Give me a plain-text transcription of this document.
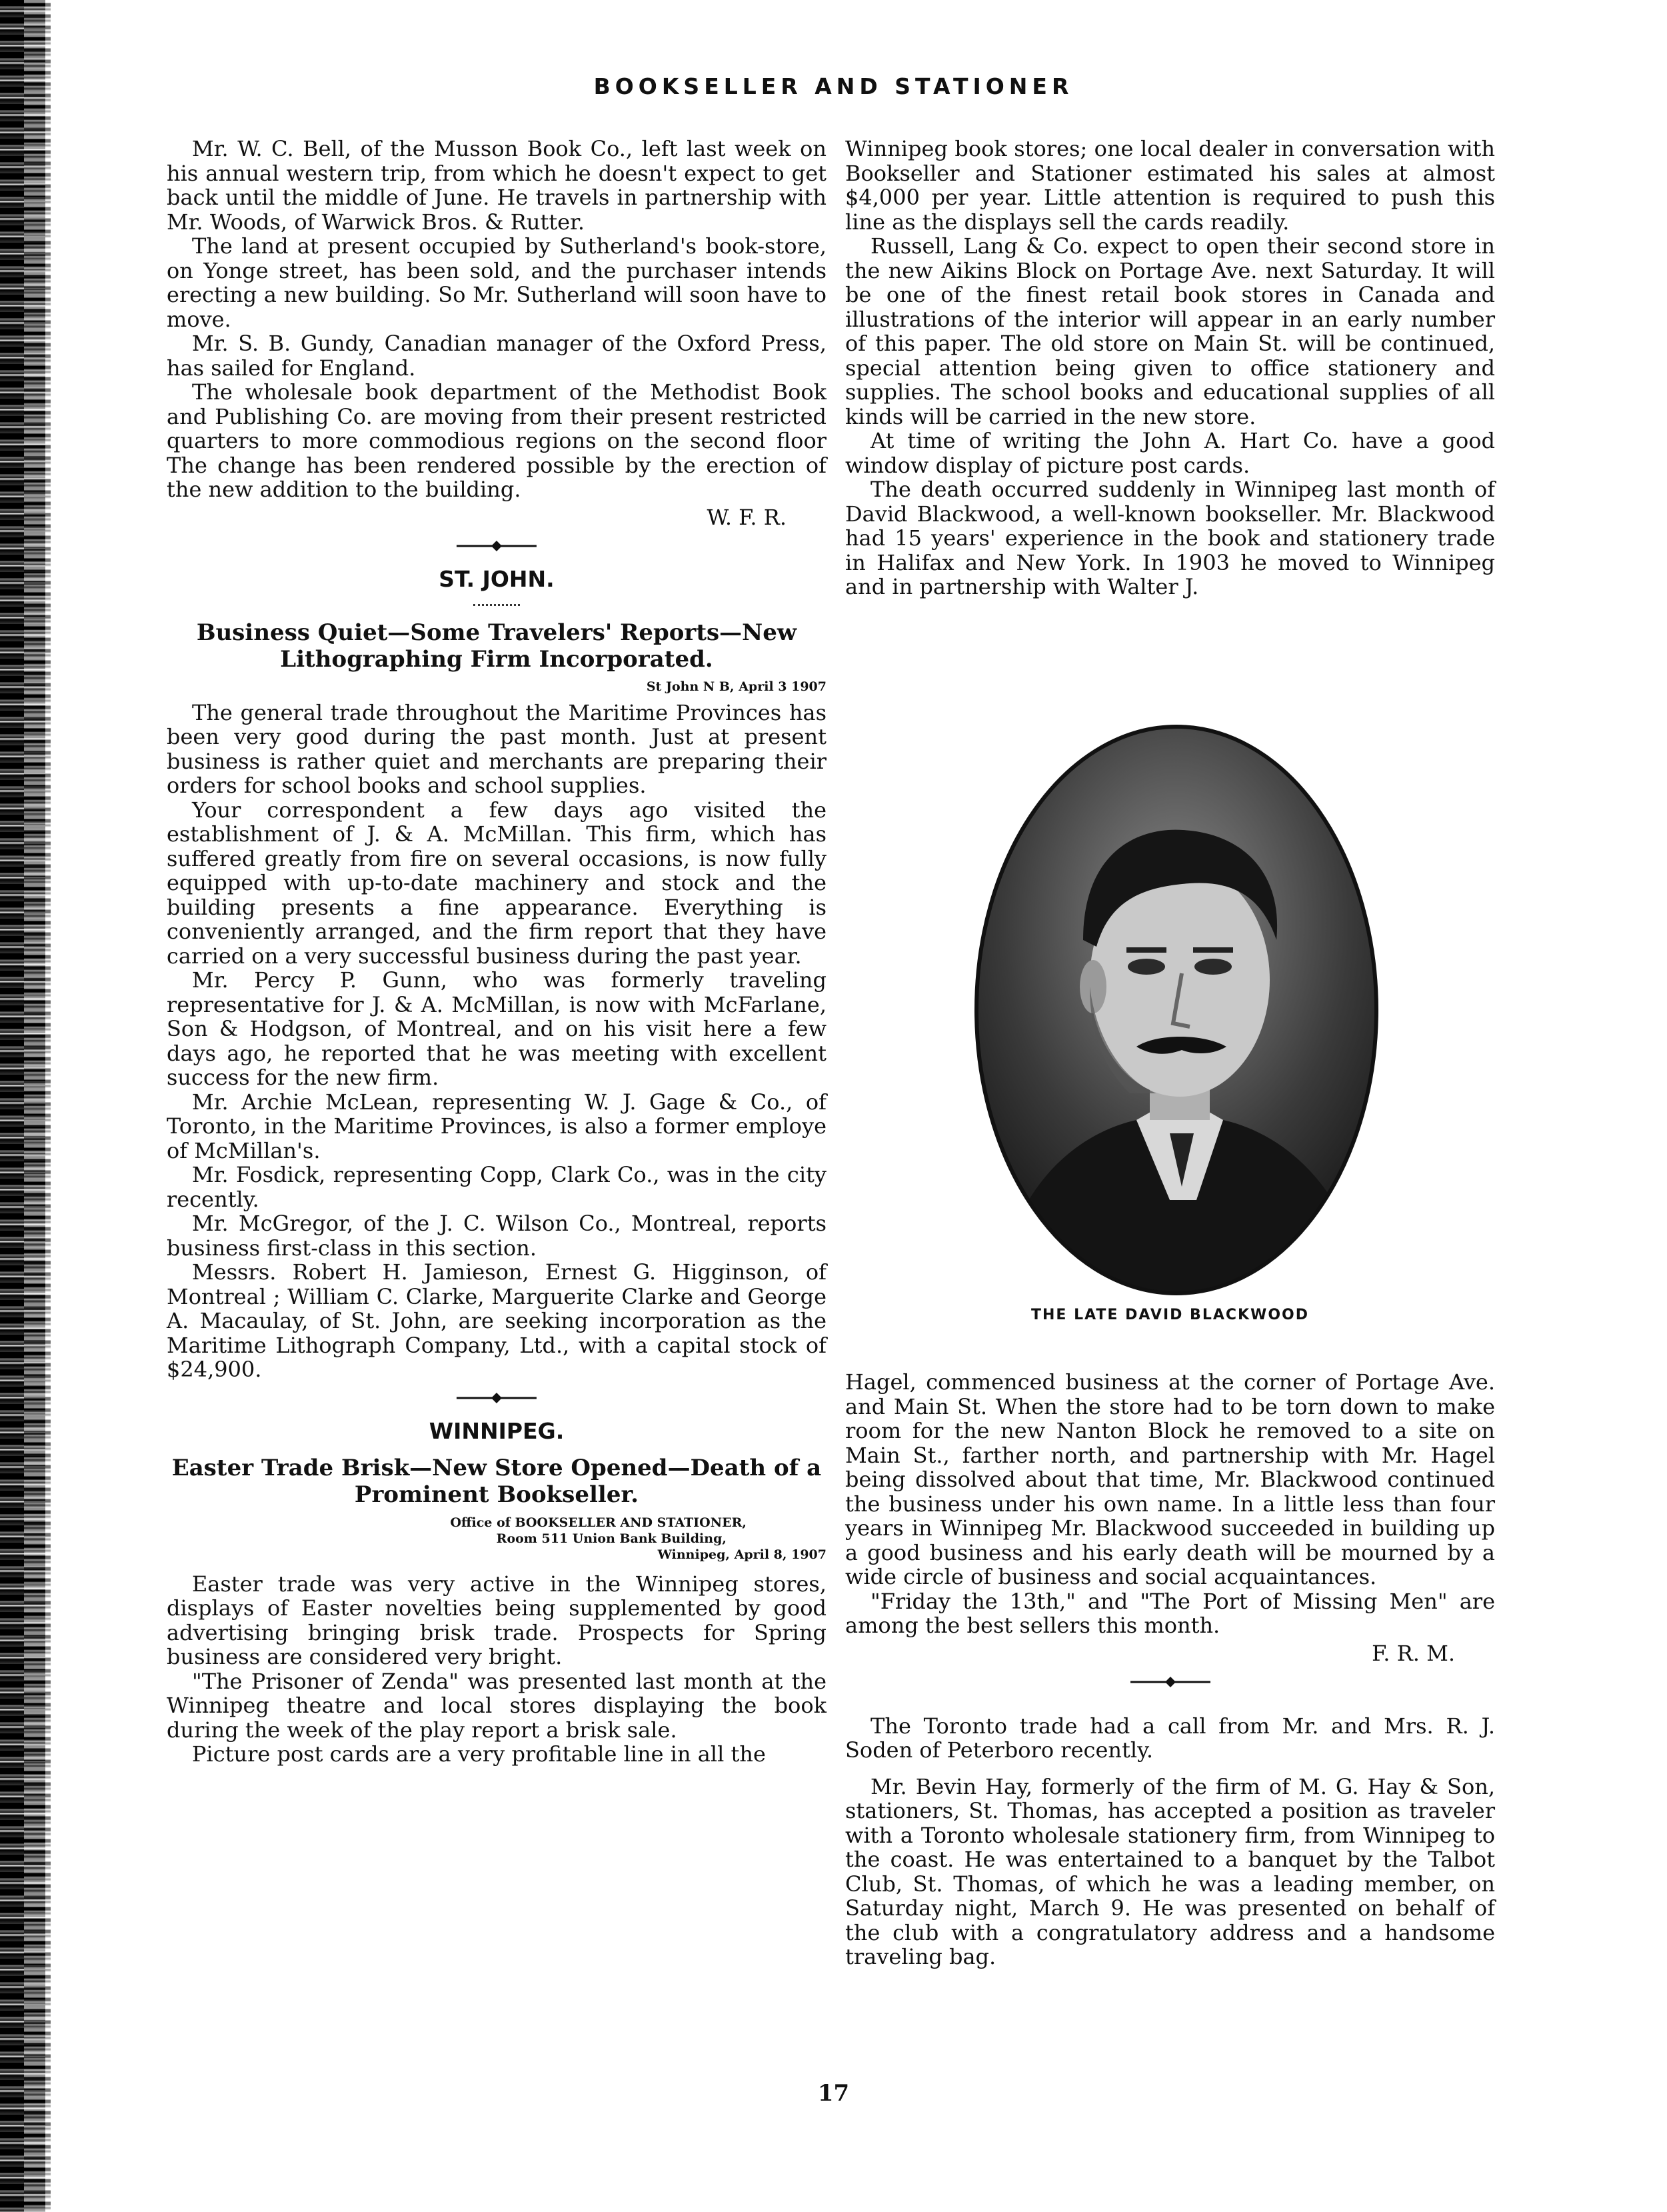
BOOKSELLER AND STATIONER

Mr. W. C. Bell, of the Musson Book Co., left last week on his annual western trip, from which he doesn't expect to get back until the middle of June. He travels in partnership with Mr. Woods, of Warwick Bros. & Rutter.

The land at present occupied by Sutherland's book-store, on Yonge street, has been sold, and the purchaser intends erecting a new building. So Mr. Sutherland will soon have to move.

Mr. S. B. Gundy, Canadian manager of the Oxford Press, has sailed for England.

The wholesale book department of the Methodist Book and Publishing Co. are moving from their present restricted quarters to more commodious regions on the second floor The change has been rendered possible by the erection of the new addition to the building.

W. F. R.
ST. JOHN.
Business Quiet—Some Travelers' Reports—New Lithographing Firm Incorporated.
St John N B, April 3 1907

The general trade throughout the Maritime Provinces has been very good during the past month. Just at present business is rather quiet and merchants are preparing their orders for school books and school supplies.

Your correspondent a few days ago visited the establishment of J. & A. McMillan. This firm, which has suffered greatly from fire on several occasions, is now fully equipped with up-to-date machinery and stock and the building presents a fine appearance. Everything is conveniently arranged, and the firm report that they have carried on a very successful business during the past year.

Mr. Percy P. Gunn, who was formerly traveling representative for J. & A. McMillan, is now with McFarlane, Son & Hodgson, of Montreal, and on his visit here a few days ago, he reported that he was meeting with excellent success for the new firm.

Mr. Archie McLean, representing W. J. Gage & Co., of Toronto, in the Maritime Provinces, is also a former employe of McMillan's.

Mr. Fosdick, representing Copp, Clark Co., was in the city recently.

Mr. McGregor, of the J. C. Wilson Co., Montreal, reports business first-class in this section.

Messrs. Robert H. Jamieson, Ernest G. Higginson, of Montreal ; William C. Clarke, Marguerite Clarke and George A. Macaulay, of St. John, are seeking incorporation as the Maritime Lithograph Company, Ltd., with a capital stock of $24,900.

WINNIPEG.
Easter Trade Brisk—New Store Opened—Death of a Prominent Bookseller.
Office of BOOKSELLER AND STATIONER,
Room 511 Union Bank Building,
Winnipeg, April 8, 1907

Easter trade was very active in the Winnipeg stores, displays of Easter novelties being supplemented by good advertising bringing brisk trade. Prospects for Spring business are considered very bright.

"The Prisoner of Zenda" was presented last month at the Winnipeg theatre and local stores displaying the book during the week of the play report a brisk sale.

Picture post cards are a very profitable line in all the

Winnipeg book stores; one local dealer in conversation with Bookseller and Stationer estimated his sales at almost $4,000 per year. Little attention is required to push this line as the displays sell the cards readily.

Russell, Lang & Co. expect to open their second store in the new Aikins Block on Portage Ave. next Saturday. It will be one of the finest retail book stores in Canada and illustrations of the interior will appear in an early number of this paper. The old store on Main St. will be continued, special attention being given to office stationery and supplies. The school books and educational supplies of all kinds will be carried in the new store.

At time of writing the John A. Hart Co. have a good window display of picture post cards.

The death occurred suddenly in Winnipeg last month of David Blackwood, a well-known bookseller. Mr. Blackwood had 15 years' experience in the book and stationery trade in Halifax and New York. In 1903 he moved to Winnipeg and in partnership with Walter J.

THE LATE DAVID BLACKWOOD

Hagel, commenced business at the corner of Portage Ave. and Main St. When the store had to be torn down to make room for the new Nanton Block he removed to a site on Main St., farther north, and partnership with Mr. Hagel being dissolved about that time, Mr. Blackwood continued the business under his own name. In a little less than four years in Winnipeg Mr. Blackwood succeeded in building up a good business and his early death will be mourned by a wide circle of business and social acquaintances.

"Friday the 13th," and "The Port of Missing Men" are among the best sellers this month.

F. R. M.

The Toronto trade had a call from Mr. and Mrs. R. J. Soden of Peterboro recently.

Mr. Bevin Hay, formerly of the firm of M. G. Hay & Son, stationers, St. Thomas, has accepted a position as traveler with a Toronto wholesale stationery firm, from Winnipeg to the coast. He was entertained to a banquet by the Talbot Club, St. Thomas, of which he was a leading member, on Saturday night, March 9. He was presented on behalf of the club with a congratulatory address and a handsome traveling bag.

17
